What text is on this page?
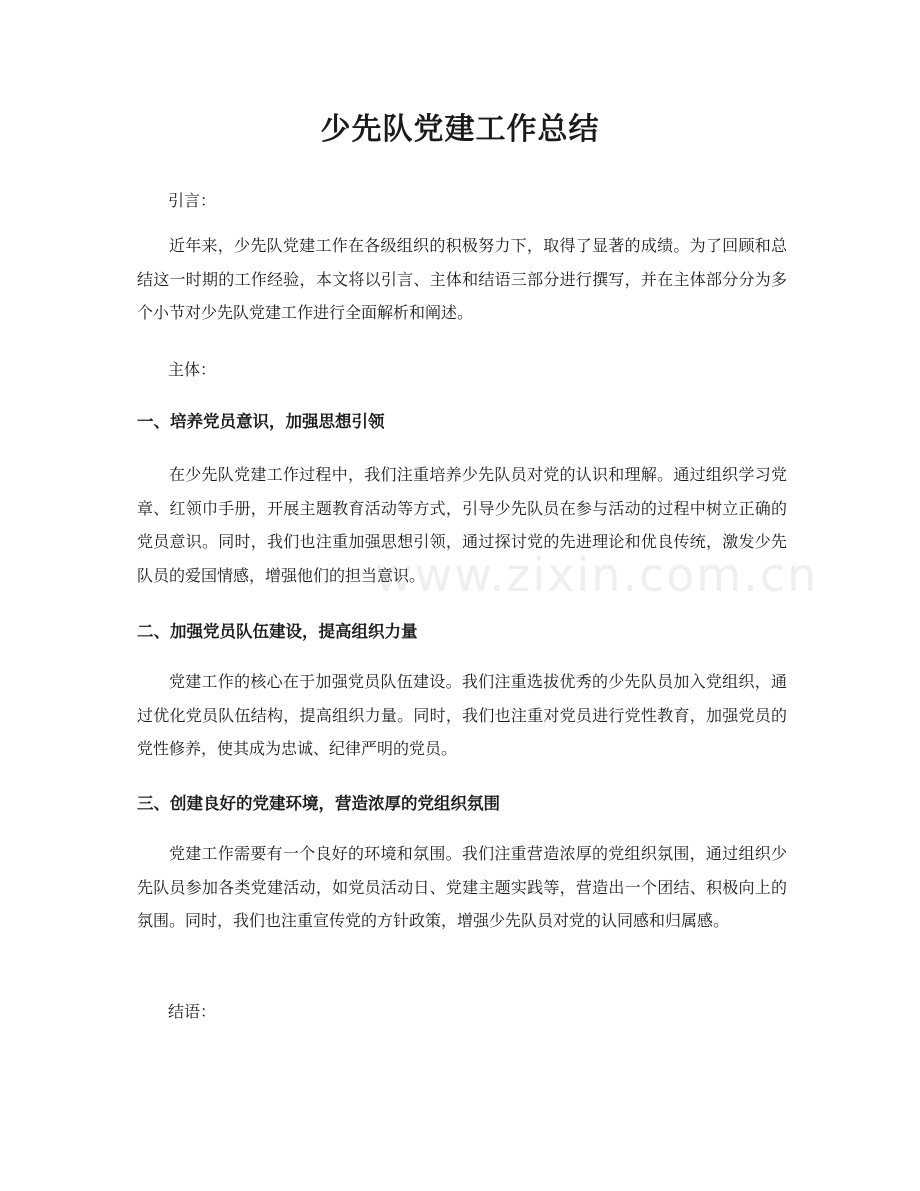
www.zixin.com.cn
少先队党建工作总结
引言：

近年来，少先队党建工作在各级组织的积极努力下，取得了显著的成绩。为了回顾和总结这一时期的工作经验，本文将以引言、主体和结语三部分进行撰写，并在主体部分分为多个小节对少先队党建工作进行全面解析和阐述。

主体：
一、培养党员意识，加强思想引领

在少先队党建工作过程中，我们注重培养少先队员对党的认识和理解。通过组织学习党章、红领巾手册，开展主题教育活动等方式，引导少先队员在参与活动的过程中树立正确的党员意识。同时，我们也注重加强思想引领，通过探讨党的先进理论和优良传统，激发少先队员的爱国情感，增强他们的担当意识。

二、加强党员队伍建设，提高组织力量

党建工作的核心在于加强党员队伍建设。我们注重选拔优秀的少先队员加入党组织，通过优化党员队伍结构，提高组织力量。同时，我们也注重对党员进行党性教育，加强党员的党性修养，使其成为忠诚、纪律严明的党员。

三、创建良好的党建环境，营造浓厚的党组织氛围

党建工作需要有一个良好的环境和氛围。我们注重营造浓厚的党组织氛围，通过组织少先队员参加各类党建活动，如党员活动日、党建主题实践等，营造出一个团结、积极向上的氛围。同时，我们也注重宣传党的方针政策，增强少先队员对党的认同感和归属感。

结语：
